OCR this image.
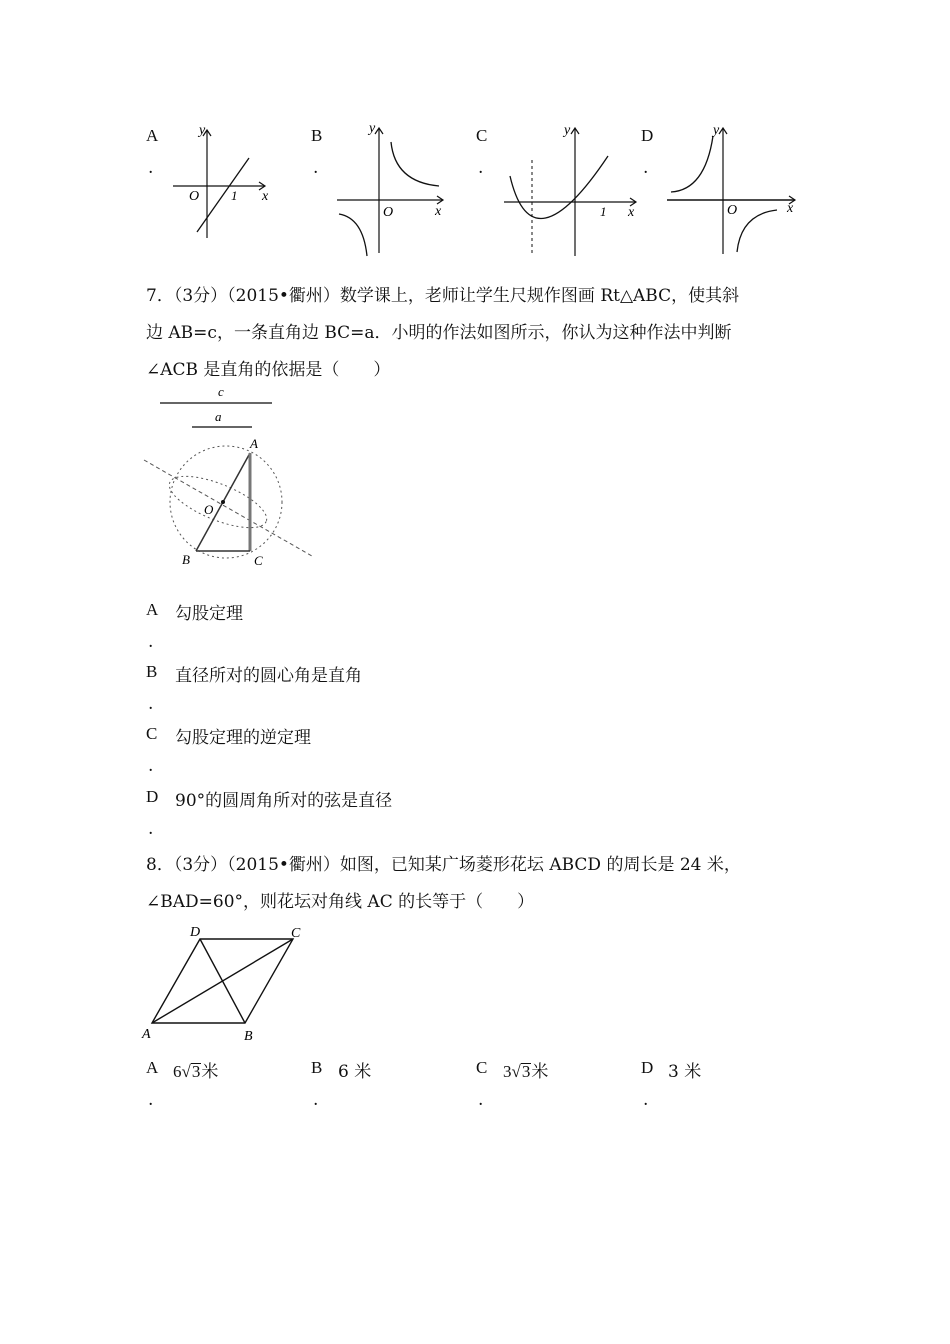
A
.
y
x
O 1
B
.
y
x
O
C
.
y
x
1
D
.
y
x
O
7．（3分）（2015•衢州）数学课上，老师让学生尺规作图画 Rt△ABC，使其斜
边 AB=c，一条直角边 BC=a．小明的作法如图所示，你认为这种作法中判断
∠ACB 是直角的依据是（　　）
c
a
A
O
B	C
A 勾股定理
.
B 直径所对的圆心角是直角
.
C 勾股定理的逆定理
.
D 90°的圆周角所对的弦是直径
.
8．（3分）（2015•衢州）如图，已知某广场菱形花坛 ABCD 的周长是 24 米，
∠BAD=60°，则花坛对角线 AC 的长等于（　　）
D	C
A	B
A 6√3米
.
B 6 米
.
C 3√3米
.
D 3 米
.
